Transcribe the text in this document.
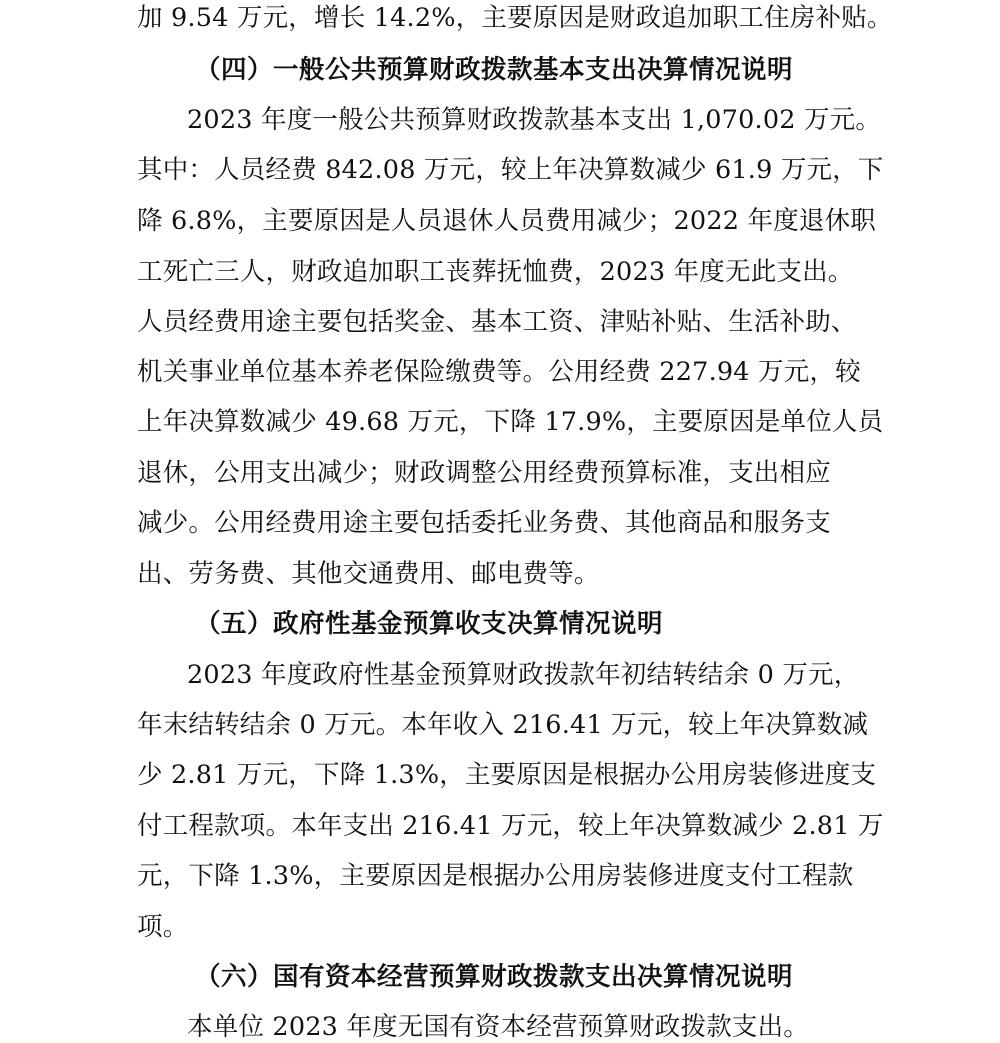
加 9.54 万元，增长 14.2%，主要原因是财政追加职工住房补贴。
（四）一般公共预算财政拨款基本支出决算情况说明
2023 年度一般公共预算财政拨款基本支出 1,070.02 万元。
其中：人员经费 842.08 万元，较上年决算数减少 61.9 万元，下
降 6.8%，主要原因是人员退休人员费用减少；2022 年度退休职
工死亡三人，财政追加职工丧葬抚恤费，2023 年度无此支出。
人员经费用途主要包括奖金、基本工资、津贴补贴、生活补助、
机关事业单位基本养老保险缴费等。公用经费 227.94 万元，较
上年决算数减少 49.68 万元，下降 17.9%，主要原因是单位人员
退休，公用支出减少；财政调整公用经费预算标准，支出相应
减少。公用经费用途主要包括委托业务费、其他商品和服务支
出、劳务费、其他交通费用、邮电费等。
（五）政府性基金预算收支决算情况说明
2023 年度政府性基金预算财政拨款年初结转结余 0 万元，
年末结转结余 0 万元。本年收入 216.41 万元，较上年决算数减
少 2.81 万元，下降 1.3%，主要原因是根据办公用房装修进度支
付工程款项。本年支出 216.41 万元，较上年决算数减少 2.81 万
元，下降 1.3%，主要原因是根据办公用房装修进度支付工程款
项。
（六）国有资本经营预算财政拨款支出决算情况说明
本单位 2023 年度无国有资本经营预算财政拨款支出。
